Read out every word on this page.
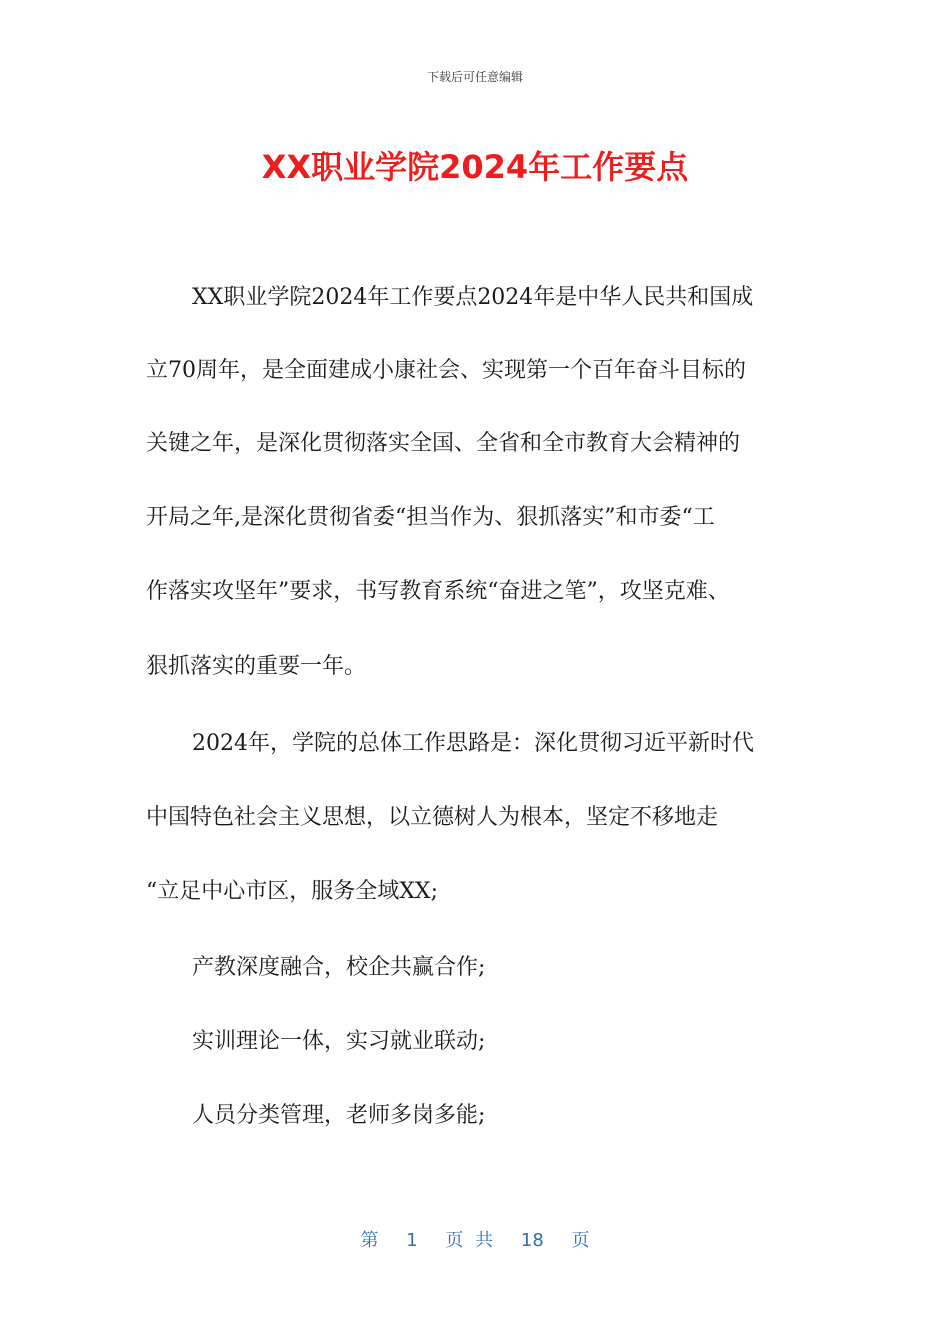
下载后可任意编辑
XX职业学院2024年工作要点
XX职业学院2024年工作要点2024年是中华人民共和国成
立70周年，是全面建成小康社会、实现第一个百年奋斗目标的
关键之年，是深化贯彻落实全国、全省和全市教育大会精神的
开局之年,是深化贯彻省委“担当作为、狠抓落实”和市委“工
作落实攻坚年”要求，书写教育系统“奋进之笔”，攻坚克难、
狠抓落实的重要一年。
2024年，学院的总体工作思路是：深化贯彻习近平新时代
中国特色社会主义思想，以立德树人为根本，坚定不移地走
“立足中心市区，服务全域XX;
产教深度融合，校企共赢合作;
实训理论一体，实习就业联动;
人员分类管理，老师多岗多能;
第 1 页 共 18 页
